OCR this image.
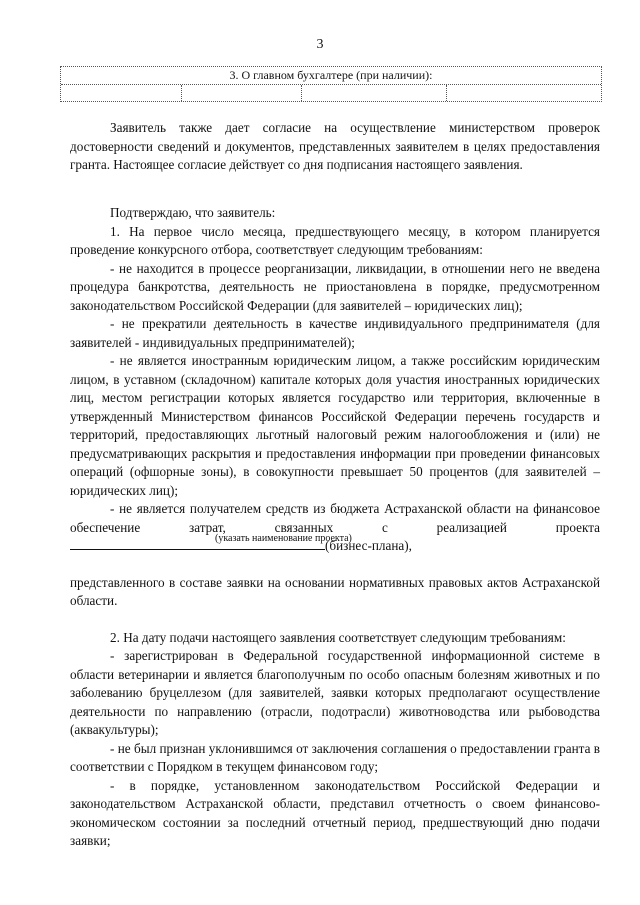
3
3. О главном бухгалтере (при наличии):

Заявитель также дает согласие на осуществление министерством проверок достоверности сведений и документов, представленных заявителем в целях предоставления гранта. Настоящее согласие действует со дня подписания настоящего заявления.

Подтверждаю, что заявитель:

1. На первое число месяца, предшествующего месяцу, в котором планируется проведение конкурсного отбора, соответствует следующим требованиям:

- не находится в процессе реорганизации, ликвидации, в отношении него не введена процедура банкротства, деятельность не приостановлена в порядке, предусмотренном законодательством Российской Федерации (для заявителей – юридических лиц);

- не прекратили деятельность в качестве индивидуального предпринимателя (для заявителей - индивидуальных предпринимателей);

- не является иностранным юридическим лицом, а также российским юридическим лицом, в уставном (складочном) капитале которых доля участия иностранных юридических лиц, местом регистрации которых является государство или территория, включенные в утвержденный Министерством финансов Российской Федерации перечень государств и территорий, предоставляющих льготный налоговый режим налогообложения и (или) не предусматривающих раскрытия и предоставления информации при проведении финансовых операций (офшорные зоны), в совокупности превышает 50 процентов (для заявителей – юридических лиц);

- не является получателем средств из бюджета Астраханской области на финансовое обеспечение затрат, связанных с реализацией проекта (бизнес-плана),

представленного в составе заявки на основании нормативных правовых актов Астраханской области.

2. На дату подачи настоящего заявления соответствует следующим требованиям:

- зарегистрирован в Федеральной государственной информационной системе в области ветеринарии и является благополучным по особо опасным болезням животных и по заболеванию бруцеллезом (для заявителей, заявки которых предполагают осуществление деятельности по направлению (отрасли, подотрасли) животноводства или рыбоводства (аквакультуры);

- не был признан уклонившимся от заключения соглашения о предоставлении гранта в соответствии с Порядком в текущем финансовом году;

- в порядке, установленном законодательством Российской Федерации и законодательством Астраханской области, представил отчетность о своем финансово-экономическом состоянии за последний отчетный период, предшествующий дню подачи заявки;

(указать наименование проекта)
